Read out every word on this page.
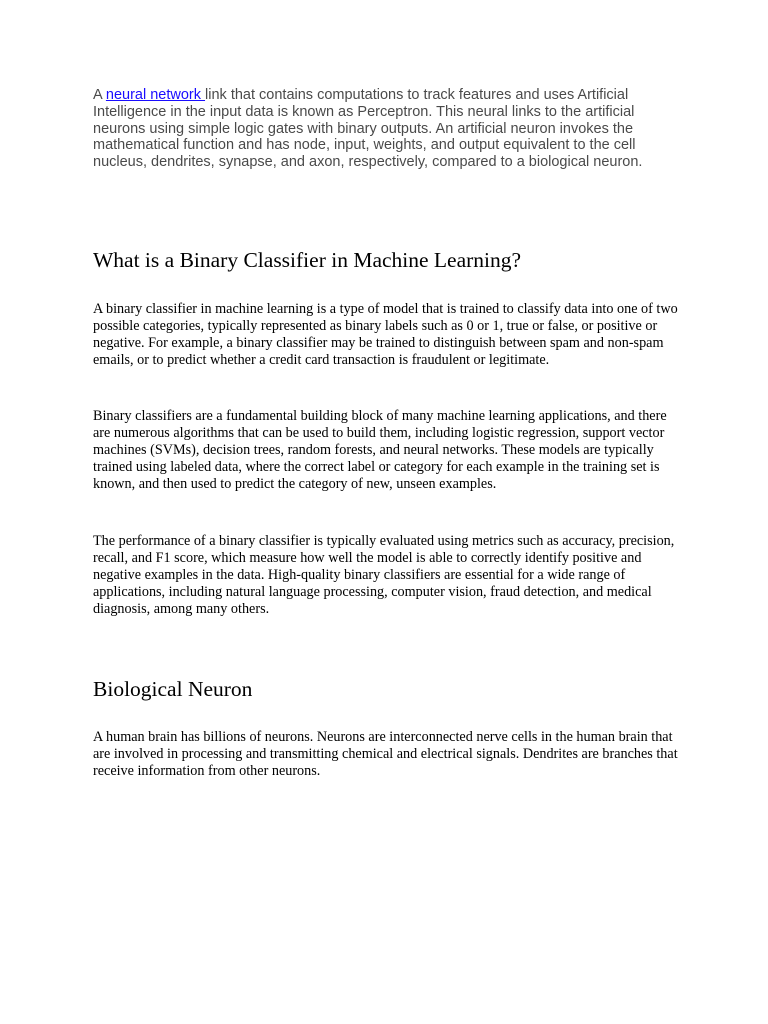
A neural network link that contains computations to track features and uses Artificial Intelligence in the input data is known as Perceptron. This neural links to the artificial neurons using simple logic gates with binary outputs. An artificial neuron invokes the mathematical function and has node, input, weights, and output equivalent to the cell nucleus, dendrites, synapse, and axon, respectively, compared to a biological neuron.

What is a Binary Classifier in Machine Learning?

A binary classifier in machine learning is a type of model that is trained to classify data into one of two possible categories, typically represented as binary labels such as 0 or 1, true or false, or positive or negative. For example, a binary classifier may be trained to distinguish between spam and non-spam emails, or to predict whether a credit card transaction is fraudulent or legitimate.

Binary classifiers are a fundamental building block of many machine learning applications, and there are numerous algorithms that can be used to build them, including logistic regression, support vector machines (SVMs), decision trees, random forests, and neural networks. These models are typically trained using labeled data, where the correct label or category for each example in the training set is known, and then used to predict the category of new, unseen examples.

The performance of a binary classifier is typically evaluated using metrics such as accuracy, precision, recall, and F1 score, which measure how well the model is able to correctly identify positive and negative examples in the data. High-quality binary classifiers are essential for a wide range of applications, including natural language processing, computer vision, fraud detection, and medical diagnosis, among many others.

Biological Neuron

A human brain has billions of neurons. Neurons are interconnected nerve cells in the human brain that are involved in processing and transmitting chemical and electrical signals. Dendrites are branches that receive information from other neurons.
